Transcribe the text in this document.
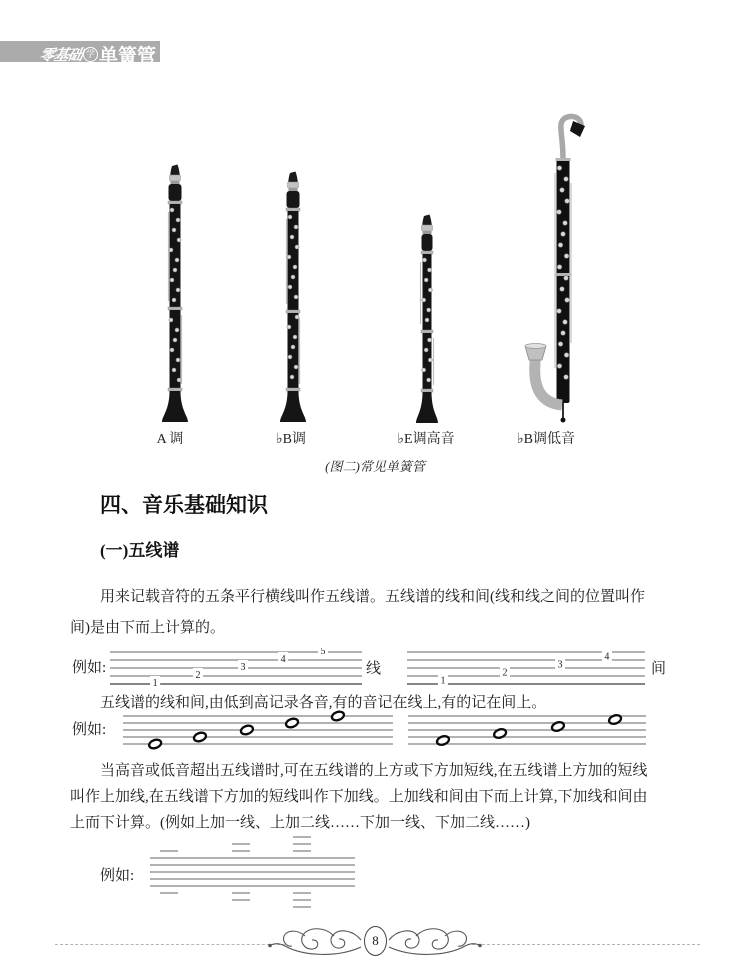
零基础 学 单簧管
A 调	♭B调	♭E调高音	♭B调低音
(图二)常见单簧管
四、音乐基础知识
(一)五线谱
用来记载音符的五条平行横线叫作五线谱。五线谱的线和间(线和线之间的位置叫作
间)是由下而上计算的。
例如:
1
2
3
4
5
线
1
2
3
4
间
五线谱的线和间,由低到高记录各音,有的音记在线上,有的记在间上。
例如:
当高音或低音超出五线谱时,可在五线谱的上方或下方加短线,在五线谱上方加的短线
叫作上加线,在五线谱下方加的短线叫作下加线。上加线和间由下而上计算,下加线和间由
上而下计算。(例如上加一线、上加二线……下加一线、下加二线……)
例如:
8
